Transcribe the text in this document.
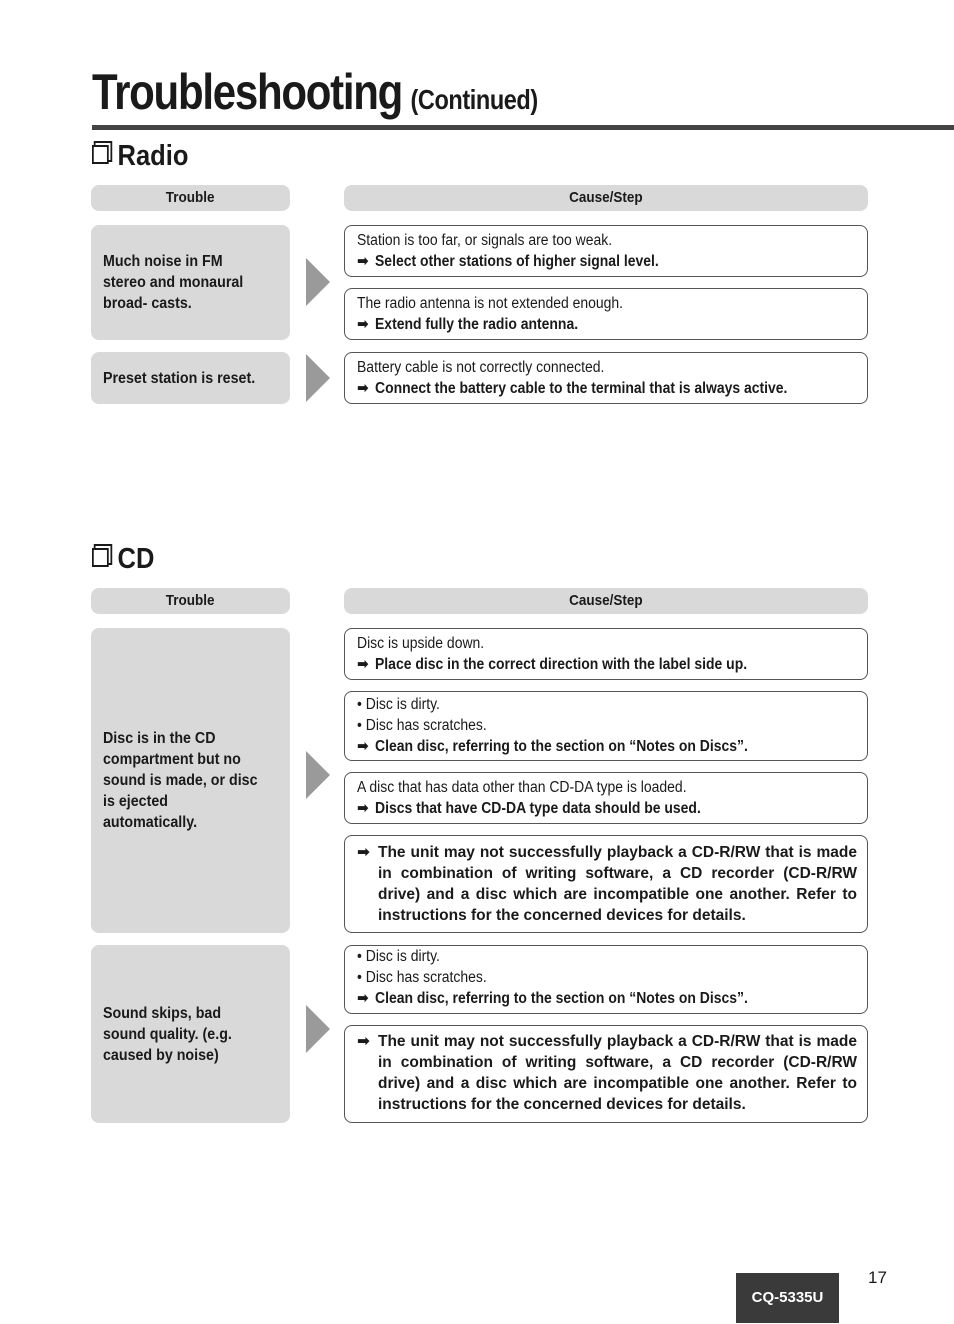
Troubleshooting (Continued)
Radio
Trouble	Cause/Step
Much noise in FM stereo and monaural broad- casts.
Preset station is reset.
Station is too far, or signals are too weak.
➡ Select other stations of higher signal level.
The radio antenna is not extended enough.
➡ Extend fully the radio antenna.
Battery cable is not correctly connected.
➡ Connect the battery cable to the terminal that is always active.
CD
Trouble	Cause/Step
Disc is in the CD compartment but no sound is made, or disc is ejected automatically.
Sound skips, bad sound quality. (e.g. caused by noise)
Disc is upside down.
➡ Place disc in the correct direction with the label side up.
• Disc is dirty.
• Disc has scratches.
➡ Clean disc, referring to the section on “Notes on Discs”.
A disc that has data other than CD-DA type is loaded.
➡ Discs that have CD-DA type data should be used.
➡ The unit may not successfully playback a CD-R/RW that is made in combination of writing software, a CD recorder (CD-R/RW drive) and a disc which are incompatible one another. Refer to instructions for the concerned devices for details.
• Disc is dirty.
• Disc has scratches.
➡ Clean disc, referring to the section on “Notes on Discs”.
➡ The unit may not successfully playback a CD-R/RW that is made in combination of writing software, a CD recorder (CD-R/RW drive) and a disc which are incompatible one another. Refer to instructions for the concerned devices for details.
17
CQ-5335U
